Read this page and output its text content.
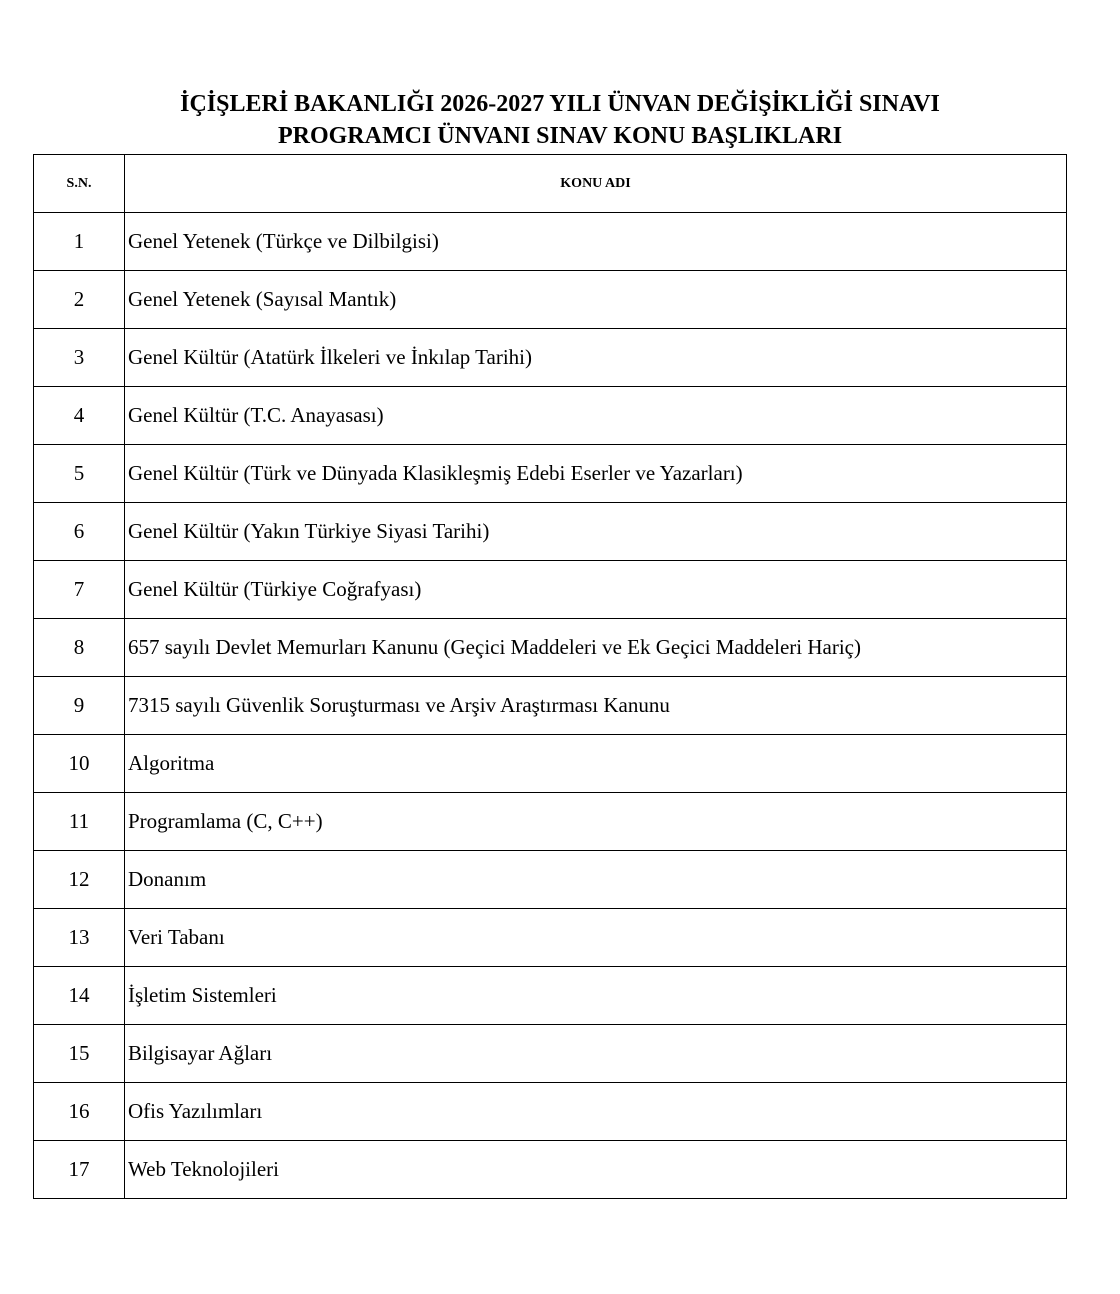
İÇİŞLERİ BAKANLIĞI 2026-2027 YILI ÜNVAN DEĞİŞİKLİĞİ SINAVI
PROGRAMCI ÜNVANI SINAV KONU BAŞLIKLARI
S.N.	KONU ADI
1	Genel Yetenek (Türkçe ve Dilbilgisi)
2	Genel Yetenek (Sayısal Mantık)
3	Genel Kültür (Atatürk İlkeleri ve İnkılap Tarihi)
4	Genel Kültür (T.C. Anayasası)
5	Genel Kültür (Türk ve Dünyada Klasikleşmiş Edebi Eserler ve Yazarları)
6	Genel Kültür (Yakın Türkiye Siyasi Tarihi)
7	Genel Kültür (Türkiye Coğrafyası)
8	657 sayılı Devlet Memurları Kanunu (Geçici Maddeleri ve Ek Geçici Maddeleri Hariç)
9	7315 sayılı Güvenlik Soruşturması ve Arşiv Araştırması Kanunu
10	Algoritma
11	Programlama (C, C++)
12	Donanım
13	Veri Tabanı
14	İşletim Sistemleri
15	Bilgisayar Ağları
16	Ofis Yazılımları
17	Web Teknolojileri
